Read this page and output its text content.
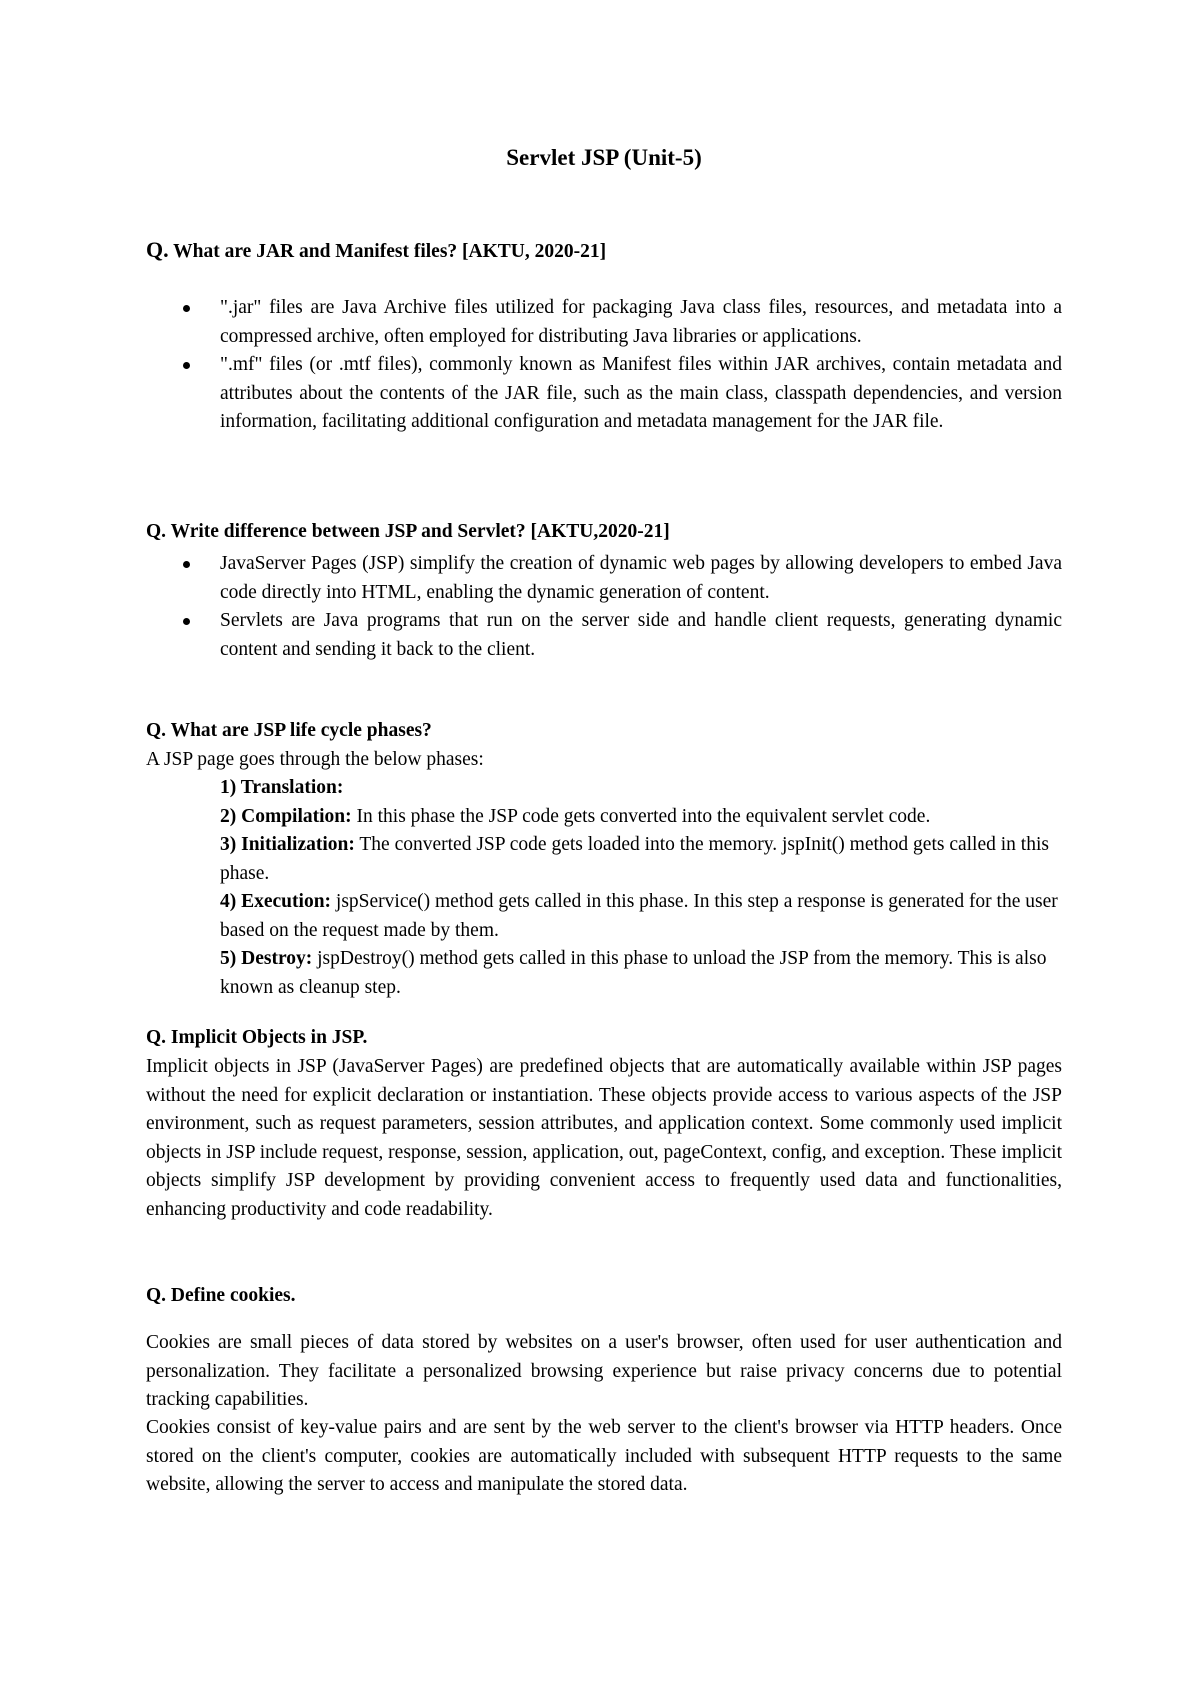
Servlet JSP (Unit-5)
Q. What are JAR and Manifest files? [AKTU, 2020-21]
".jar" files are Java Archive files utilized for packaging Java class files, resources, and metadata into a compressed archive, often employed for distributing Java libraries or applications.
".mf" files (or .mtf files), commonly known as Manifest files within JAR archives, contain metadata and attributes about the contents of the JAR file, such as the main class, classpath dependencies, and version information, facilitating additional configuration and metadata management for the JAR file.
Q. Write difference between JSP and Servlet? [AKTU,2020-21]
JavaServer Pages (JSP) simplify the creation of dynamic web pages by allowing developers to embed Java code directly into HTML, enabling the dynamic generation of content.
Servlets are Java programs that run on the server side and handle client requests, generating dynamic content and sending it back to the client.
Q. What are JSP life cycle phases?
A JSP page goes through the below phases:
1) Translation:
2) Compilation: In this phase the JSP code gets converted into the equivalent servlet code.
3) Initialization: The converted JSP code gets loaded into the memory. jspInit() method gets called in this phase.
4) Execution: jspService() method gets called in this phase. In this step a response is generated for the user based on the request made by them.
5) Destroy: jspDestroy() method gets called in this phase to unload the JSP from the memory. This is also known as cleanup step.
Q. Implicit Objects in JSP.
Implicit objects in JSP (JavaServer Pages) are predefined objects that are automatically available within JSP pages without the need for explicit declaration or instantiation. These objects provide access to various aspects of the JSP environment, such as request parameters, session attributes, and application context. Some commonly used implicit objects in JSP include request, response, session, application, out, pageContext, config, and exception. These implicit objects simplify JSP development by providing convenient access to frequently used data and functionalities, enhancing productivity and code readability.
Q. Define cookies.
Cookies are small pieces of data stored by websites on a user's browser, often used for user authentication and personalization. They facilitate a personalized browsing experience but raise privacy concerns due to potential tracking capabilities.
Cookies consist of key-value pairs and are sent by the web server to the client's browser via HTTP headers. Once stored on the client's computer, cookies are automatically included with subsequent HTTP requests to the same website, allowing the server to access and manipulate the stored data.
